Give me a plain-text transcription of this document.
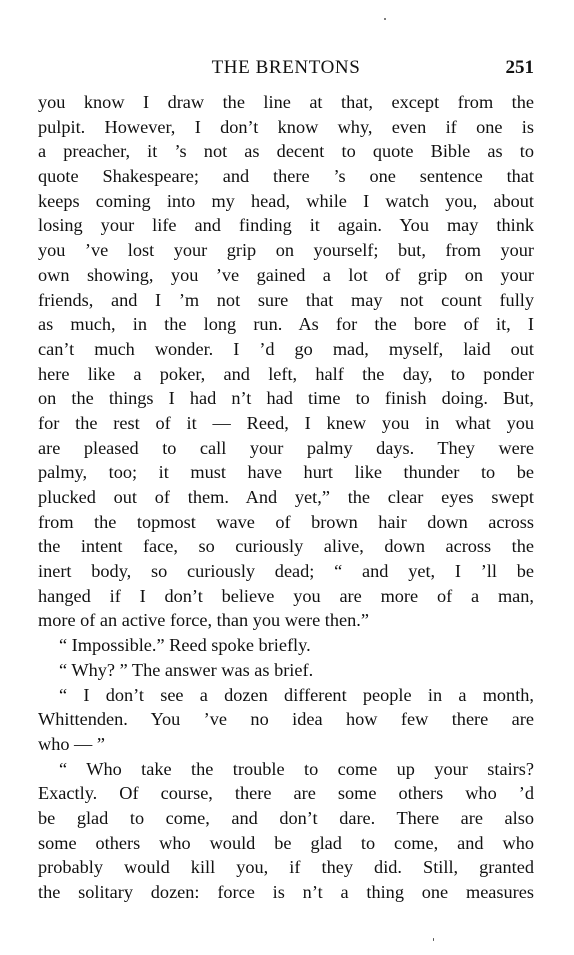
THE BRENTONS	251
you know I draw the line at that, except from the
pulpit. However, I don’t know why, even if one is
a preacher, it ’s not as decent to quote Bible as to
quote Shakespeare; and there ’s one sentence that
keeps coming into my head, while I watch you, about
losing your life and finding it again. You may think
you ’ve lost your grip on yourself; but, from your
own showing, you ’ve gained a lot of grip on your
friends, and I ’m not sure that may not count fully
as much, in the long run. As for the bore of it, I
can’t much wonder. I ’d go mad, myself, laid out
here like a poker, and left, half the day, to ponder
on the things I had n’t had time to finish doing. But,
for the rest of it — Reed, I knew you in what you
are pleased to call your palmy days. They were
palmy, too; it must have hurt like thunder to be
plucked out of them. And yet,” the clear eyes swept
from the topmost wave of brown hair down across
the intent face, so curiously alive, down across the
inert body, so curiously dead; “ and yet, I ’ll be
hanged if I don’t believe you are more of a man,
more of an active force, than you were then.”
“ Impossible.” Reed spoke briefly.
“ Why? ” The answer was as brief.
“ I don’t see a dozen different people in a month,
Whittenden. You ’ve no idea how few there are
who — ”
“ Who take the trouble to come up your stairs?
Exactly. Of course, there are some others who ’d
be glad to come, and don’t dare. There are also
some others who would be glad to come, and who
probably would kill you, if they did. Still, granted
the solitary dozen: force is n’t a thing one measures
